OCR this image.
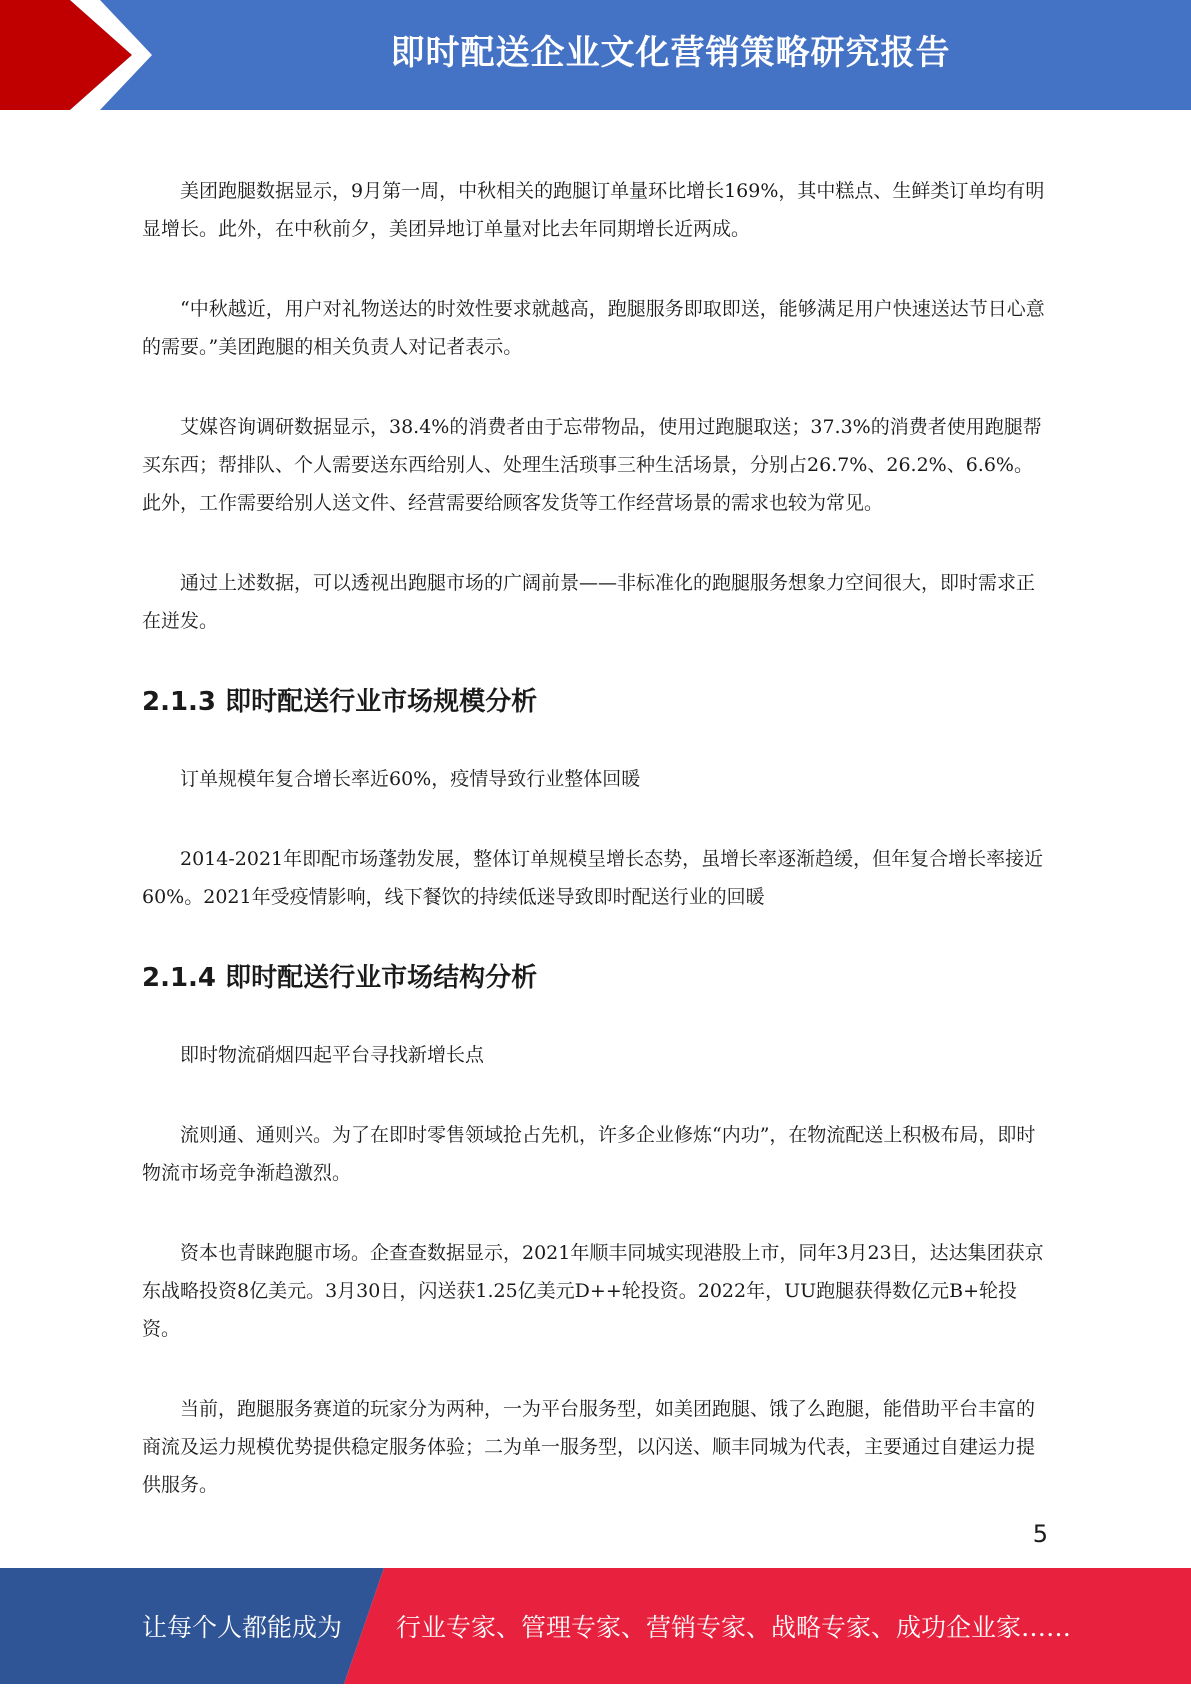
即时配送企业文化营销策略研究报告

美团跑腿数据显示，9月第一周，中秋相关的跑腿订单量环比增长169%，其中糕点、生鲜类订单均有明显增长。此外，在中秋前夕，美团异地订单量对比去年同期增长近两成。

“中秋越近，用户对礼物送达的时效性要求就越高，跑腿服务即取即送，能够满足用户快速送达节日心意的需要。”美团跑腿的相关负责人对记者表示。

艾媒咨询调研数据显示，38.4%的消费者由于忘带物品，使用过跑腿取送；37.3%的消费者使用跑腿帮买东西；帮排队、个人需要送东西给别人、处理生活琐事三种生活场景，分别占26.7%、26.2%、6.6%。此外，工作需要给别人送文件、经营需要给顾客发货等工作经营场景的需求也较为常见。

通过上述数据，可以透视出跑腿市场的广阔前景——非标准化的跑腿服务想象力空间很大，即时需求正在迸发。

2.1.3 即时配送行业市场规模分析

订单规模年复合增长率近60%，疫情导致行业整体回暖

2014-2021年即配市场蓬勃发展，整体订单规模呈增长态势，虽增长率逐渐趋缓，但年复合增长率接近60%。2021年受疫情影响，线下餐饮的持续低迷导致即时配送行业的回暖

2.1.4 即时配送行业市场结构分析

即时物流硝烟四起平台寻找新增长点

流则通、通则兴。为了在即时零售领域抢占先机，许多企业修炼“内功”，在物流配送上积极布局，即时物流市场竞争渐趋激烈。

资本也青睐跑腿市场。企查查数据显示，2021年顺丰同城实现港股上市，同年3月23日，达达集团获京东战略投资8亿美元。3月30日，闪送获1.25亿美元D++轮投资。2022年，UU跑腿获得数亿元B+轮投资。

当前，跑腿服务赛道的玩家分为两种，一为平台服务型，如美团跑腿、饿了么跑腿，能借助平台丰富的商流及运力规模优势提供稳定服务体验；二为单一服务型，以闪送、顺丰同城为代表，主要通过自建运力提供服务。

5
让每个人都能成为 行业专家、管理专家、营销专家、战略专家、成功企业家……
